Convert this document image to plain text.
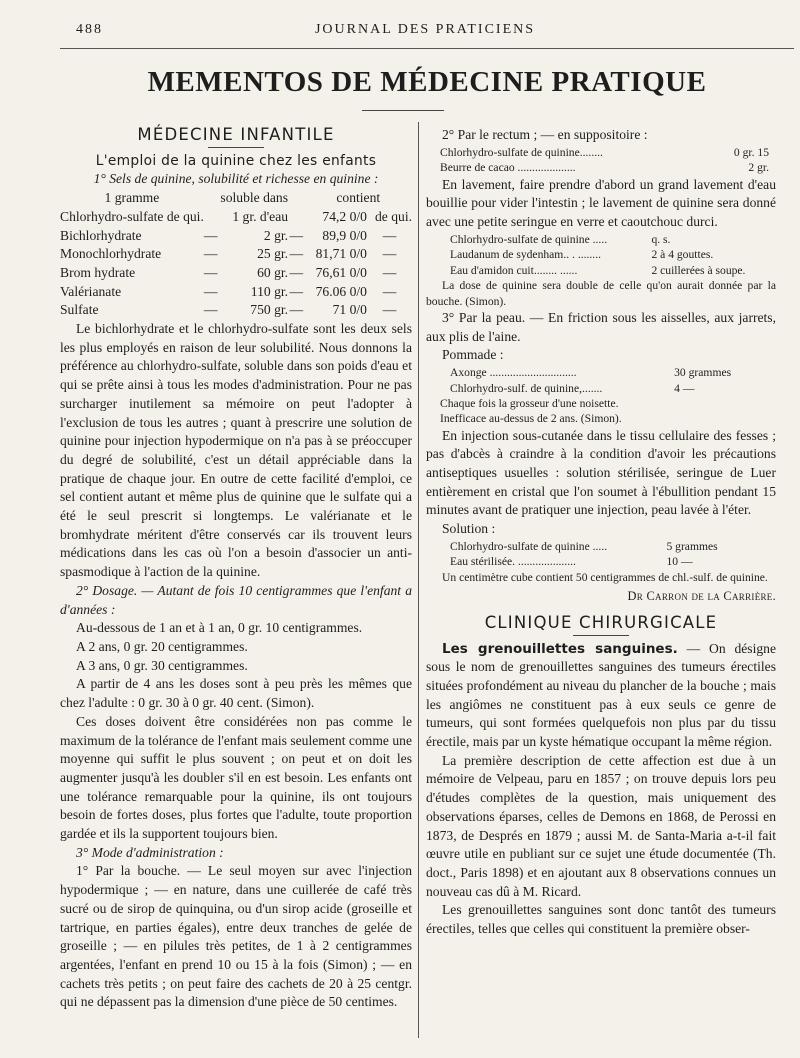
488	JOURNAL DES PRATICIENS
MEMENTOS DE MÉDECINE PRATIQUE
MÉDECINE INFANTILE
L'emploi de la quinine chez les enfants

1° Sels de quinine, solubilité et richesse en quinine :

1 gramme	soluble dans			contient	
Chlorhydro-sulfate de qui.		1 gr. d'eau		74,2 0/0	de qui.
Bichlorhydrate	—	2 gr.	—	89,9 0/0	—
Monochlorhydrate	—	25 gr.	—	81,71 0/0	—
Brom hydrate	—	60 gr.	—	76,61 0/0	—
Valérianate	—	110 gr.	—	76.06 0/0	—
Sulfate	—	750 gr.	—	71 0/0	—

Le bichlorhydrate et le chlorhydro-sulfate sont les deux sels les plus employés en raison de leur solubilité. Nous donnons la préférence au chlorhydro-sulfate, soluble dans son poids d'eau et qui se prête ainsi à tous les modes d'administration. Pour ne pas surcharger inutilement sa mémoire on peut l'adopter à l'exclusion de tous les autres ; quant à prescrire une solution de quinine pour injection hypodermique on n'a pas à se préoccuper du degré de solubilité, c'est un détail appréciable dans la pratique de chaque jour. En outre de cette facilité d'emploi, ce sel contient autant et même plus de quinine que le sulfate qui a été le seul prescrit si longtemps. Le valérianate et le bromhydrate méritent d'être conservés car ils trouvent leurs médications dans les cas où l'on a besoin d'associer un anti-spasmodique à l'action de la quinine.

2° Dosage. — Autant de fois 10 centigrammes que l'enfant a d'années :

Au-dessous de 1 an et à 1 an, 0 gr. 10 centigrammes.

A 2 ans, 0 gr. 20 centigrammes.

A 3 ans, 0 gr. 30 centigrammes.

A partir de 4 ans les doses sont à peu près les mêmes que chez l'adulte : 0 gr. 30 à 0 gr. 40 cent. (Simon).

Ces doses doivent être considérées non pas comme le maximum de la tolérance de l'enfant mais seulement comme une moyenne qui suffit le plus souvent ; on peut et on doit les augmenter jusqu'à les doubler s'il en est besoin. Les enfants ont une tolérance remarquable pour la quinine, ils ont toujours besoin de fortes doses, plus fortes que l'adulte, toute proportion gardée et ils la supportent toujours bien.

3° Mode d'administration :

1° Par la bouche. — Le seul moyen sur avec l'injection hypodermique ; — en nature, dans une cuillerée de café très sucré ou de sirop de quinquina, ou d'un sirop acide (groseille et tartrique, en parties égales), entre deux tranches de gelée de groseille ; — en pilules très petites, de 1 à 2 centigrammes argentées, l'enfant en prend 10 ou 15 à la fois (Simon) ; — en cachets très petits ; on peut faire des cachets de 20 à 25 centgr. qui ne dépassent pas la dimension d'une pièce de 50 centimes.

2° Par le rectum ; — en suppositoire :

Chlorhydro-sulfate de quinine........	0 gr. 15
Beurre de cacao ....................	2 gr.

En lavement, faire prendre d'abord un grand lavement d'eau bouillie pour vider l'intestin ; le lavement de quinine sera donné avec une petite seringue en verre et caoutchouc durci.

Chlorhydro-sulfate de quinine .....	q. s.
Laudanum de sydenham.. . ........	2 à 4 gouttes.
Eau d'amidon cuit........ ......	2 cuillerées à soupe.

La dose de quinine sera double de celle qu'on aurait donnée par la bouche. (Simon).

3° Par la peau. — En friction sous les aisselles, aux jarrets, aux plis de l'aine.

Pommade :

Axonge ..............................	30 grammes
Chlorhydro-sulf. de quinine,.......	4 —

Chaque fois la grosseur d'une noisette.

Inefficace au-dessus de 2 ans. (Simon).

En injection sous-cutanée dans le tissu cellulaire des fesses ; pas d'abcès à craindre à la condition d'avoir les précautions antiseptiques usuelles : solution stérilisée, seringue de Luer entièrement en cristal que l'on soumet à l'ébullition pendant 15 minutes avant de pratiquer une injection, peau lavée à l'éter.

Solution :

Chlorhydro-sulfate de quinine .....	5 grammes
Eau stérilisée. ....................	10 —

Un centimètre cube contient 50 centigrammes de chl.-sulf. de quinine.

Dr Carron de la Carrière.
CLINIQUE CHIRURGICALE

Les grenouillettes sanguines. — On désigne sous le nom de grenouillettes sanguines des tumeurs érectiles situées profondément au niveau du plancher de la bouche ; mais les angiômes ne constituent pas à eux seuls ce genre de tumeurs, qui sont formées quelquefois non plus par du tissu érectile, mais par un kyste hématique occupant la même région.

La première description de cette affection est due à un mémoire de Velpeau, paru en 1857 ; on trouve depuis lors peu d'études complètes de la question, mais uniquement des observations éparses, celles de Demons en 1868, de Perossi en 1873, de Després en 1879 ; aussi M. de Santa-Maria a-t-il fait œuvre utile en publiant sur ce sujet une étude documentée (Th. doct., Paris 1898) et en ajoutant aux 8 observations connues un nouveau cas dû à M. Ricard.

Les grenouillettes sanguines sont donc tantôt des tumeurs érectiles, telles que celles qui constituent la première obser-
